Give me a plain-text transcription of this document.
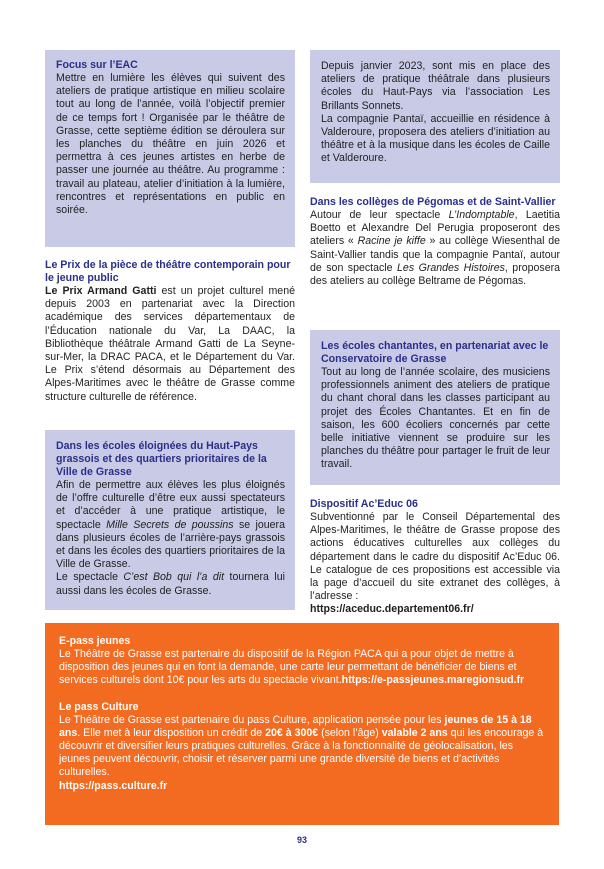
Focus sur l’EAC

Mettre en lumière les élèves qui suivent des ateliers de pratique artistique en milieu scolaire tout au long de l’année, voilà l’objectif premier de ce temps fort ! Organisée par le théâtre de Grasse, cette septième édition se déroulera sur les planches du théâtre en juin 2026 et permettra à ces jeunes artistes en herbe de passer une journée au théâtre. Au programme : travail au plateau, atelier d’initiation à la lumière, rencontres et représentations en public en soirée.

Le Prix de la pièce de théâtre contemporain pour le jeune public

Le Prix Armand Gatti est un projet culturel mené depuis 2003 en partenariat avec la Direction académique des services départementaux de l’Éducation nationale du Var, La DAAC, la Bibliothèque théâtrale Armand Gatti de La Seyne-sur-Mer, la DRAC PACA, et le Département du Var. Le Prix s’étend désormais au Département des Alpes-Maritimes avec le théâtre de Grasse comme structure culturelle de référence.

Dans les écoles éloignées du Haut-Pays grassois et des quartiers prioritaires de la Ville de Grasse

Afin de permettre aux élèves les plus éloignés de l’offre culturelle d’être eux aussi spectateurs et d’accéder à une pratique artistique, le spectacle Mille Secrets de poussins se jouera dans plusieurs écoles de l’arrière-pays grassois et dans les écoles des quartiers prioritaires de la Ville de Grasse.

Le spectacle C’est Bob qui l’a dit tournera lui aussi dans les écoles de Grasse.

Depuis janvier 2023, sont mis en place des ateliers de pratique théâtrale dans plusieurs écoles du Haut-Pays via l’association Les Brillants Sonnets.

La compagnie Pantaï, accueillie en résidence à Valderoure, proposera des ateliers d’initiation au théâtre et à la musique dans les écoles de Caille et Valderoure.

Dans les collèges de Pégomas et de Saint-Vallier

Autour de leur spectacle L’Indomptable, Laetitia Boetto et Alexandre Del Perugia proposeront des ateliers « Racine je kiffe » au collège Wiesenthal de Saint-Vallier tandis que la compagnie Pantaï, autour de son spectacle Les Grandes Histoires, proposera des ateliers au collège Beltrame de Pégomas.

Les écoles chantantes, en partenariat avec le Conservatoire de Grasse

Tout au long de l’année scolaire, des musiciens professionnels animent des ateliers de pratique du chant choral dans les classes participant au projet des Écoles Chantantes. Et en fin de saison, les 600 écoliers concernés par cette belle initiative viennent se produire sur les planches du théâtre pour partager le fruit de leur travail.

Dispositif Ac’Educ 06

Subventionné par le Conseil Départemental des Alpes-Maritimes, le théâtre de Grasse propose des actions éducatives culturelles aux collèges du département dans le cadre du dispositif Ac’Educ 06. Le catalogue de ces propositions est accessible via la page d’accueil du site extranet des collèges, à l’adresse :

https://aceduc.departement06.fr/

E-pass jeunes

Le Théâtre de Grasse est partenaire du dispositif de la Région PACA qui a pour objet de mettre à disposition des jeunes qui en font la demande, une carte leur permettant de bénéficier de biens et services culturels dont 10€ pour les arts du spectacle vivant.https://e-passjeunes.maregionsud.fr

Le pass Culture

Le Théâtre de Grasse est partenaire du pass Culture, application pensée pour les jeunes de 15 à 18 ans. Elle met à leur disposition un crédit de 20€ à 300€ (selon l’âge) valable 2 ans qui les encourage à découvrir et diversifier leurs pratiques culturelles. Grâce à la fonctionnalité de géolocalisation, les jeunes peuvent découvrir, choisir et réserver parmi une grande diversité de biens et d’activités culturelles.

https://pass.culture.fr

93
